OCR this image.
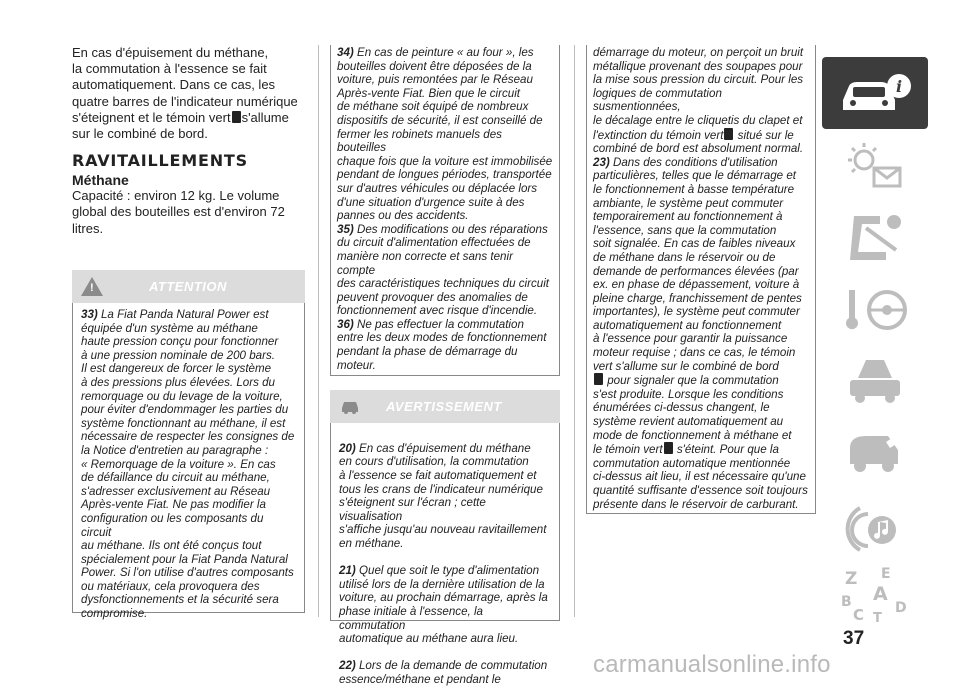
En cas d'épuisement du méthane,
la commutation à l'essence se fait
automatiquement. Dans ce cas, les
quatre barres de l'indicateur numérique
s'éteignent et le témoin vert s'allume
sur le combiné de bord.
RAVITAILLEMENTS
Méthane
Capacité : environ 12 kg. Le volume
global des bouteilles est d'environ 72
litres.
!	ATTENTION
33) La Fiat Panda Natural Power est
équipée d'un système au méthane
haute pression conçu pour fonctionner
à une pression nominale de 200 bars.
Il est dangereux de forcer le système
à des pressions plus élevées. Lors du
remorquage ou du levage de la voiture,
pour éviter d'endommager les parties du
système fonctionnant au méthane, il est
nécessaire de respecter les consignes de
la Notice d'entretien au paragraphe :
« Remorquage de la voiture ». En cas
de défaillance du circuit au méthane,
s'adresser exclusivement au Réseau
Après-vente Fiat. Ne pas modifier la
configuration ou les composants du circuit
au méthane. Ils ont été conçus tout
spécialement pour la Fiat Panda Natural
Power. Si l'on utilise d'autres composants
ou matériaux, cela provoquera des
dysfonctionnements et la sécurité sera
compromise.
34) En cas de peinture « au four », les
bouteilles doivent être déposées de la
voiture, puis remontées par le Réseau
Après-vente Fiat. Bien que le circuit
de méthane soit équipé de nombreux
dispositifs de sécurité, il est conseillé de
fermer les robinets manuels des bouteilles
chaque fois que la voiture est immobilisée
pendant de longues périodes, transportée
sur d'autres véhicules ou déplacée lors
d'une situation d'urgence suite à des
pannes ou des accidents.
35) Des modifications ou des réparations
du circuit d'alimentation effectuées de
manière non correcte et sans tenir compte
des caractéristiques techniques du circuit
peuvent provoquer des anomalies de
fonctionnement avec risque d'incendie.
36) Ne pas effectuer la commutation
entre les deux modes de fonctionnement
pendant la phase de démarrage du
moteur.
AVERTISSEMENT

20) En cas d'épuisement du méthane
en cours d'utilisation, la commutation
à l'essence se fait automatiquement et
tous les crans de l'indicateur numérique
s'éteignent sur l'écran ; cette visualisation
s'affiche jusqu'au nouveau ravitaillement
en méthane.

21) Quel que soit le type d'alimentation
utilisé lors de la dernière utilisation de la
voiture, au prochain démarrage, après la
phase initiale à l'essence, la commutation
automatique au méthane aura lieu.

22) Lors de la demande de commutation
essence/méthane et pendant le

démarrage du moteur, on perçoit un bruit
métallique provenant des soupapes pour
la mise sous pression du circuit. Pour les
logiques de commutation susmentionnées,
le décalage entre le cliquetis du clapet et
l'extinction du témoin vert situé sur le
combiné de bord est absolument normal.
23) Dans des conditions d'utilisation
particulières, telles que le démarrage et
le fonctionnement à basse température
ambiante, le système peut commuter
temporairement au fonctionnement à
l'essence, sans que la commutation
soit signalée. En cas de faibles niveaux
de méthane dans le réservoir ou de
demande de performances élevées (par
ex. en phase de dépassement, voiture à
pleine charge, franchissement de pentes
importantes), le système peut commuter
automatiquement au fonctionnement
à l'essence pour garantir la puissance
moteur requise ; dans ce cas, le témoin
vert s'allume sur le combiné de bord
pour signaler que la commutation
s'est produite. Lorsque les conditions
énumérées ci-dessus changent, le
système revient automatiquement au
mode de fonctionnement à méthane et
le témoin vert s'éteint. Pour que la
commutation automatique mentionnée
ci-dessus ait lieu, il est nécessaire qu'une
quantité suffisante d'essence soit toujours
présente dans le réservoir de carburant.
i
Z E
B A
C T
D
37
carmanualsonline.info
